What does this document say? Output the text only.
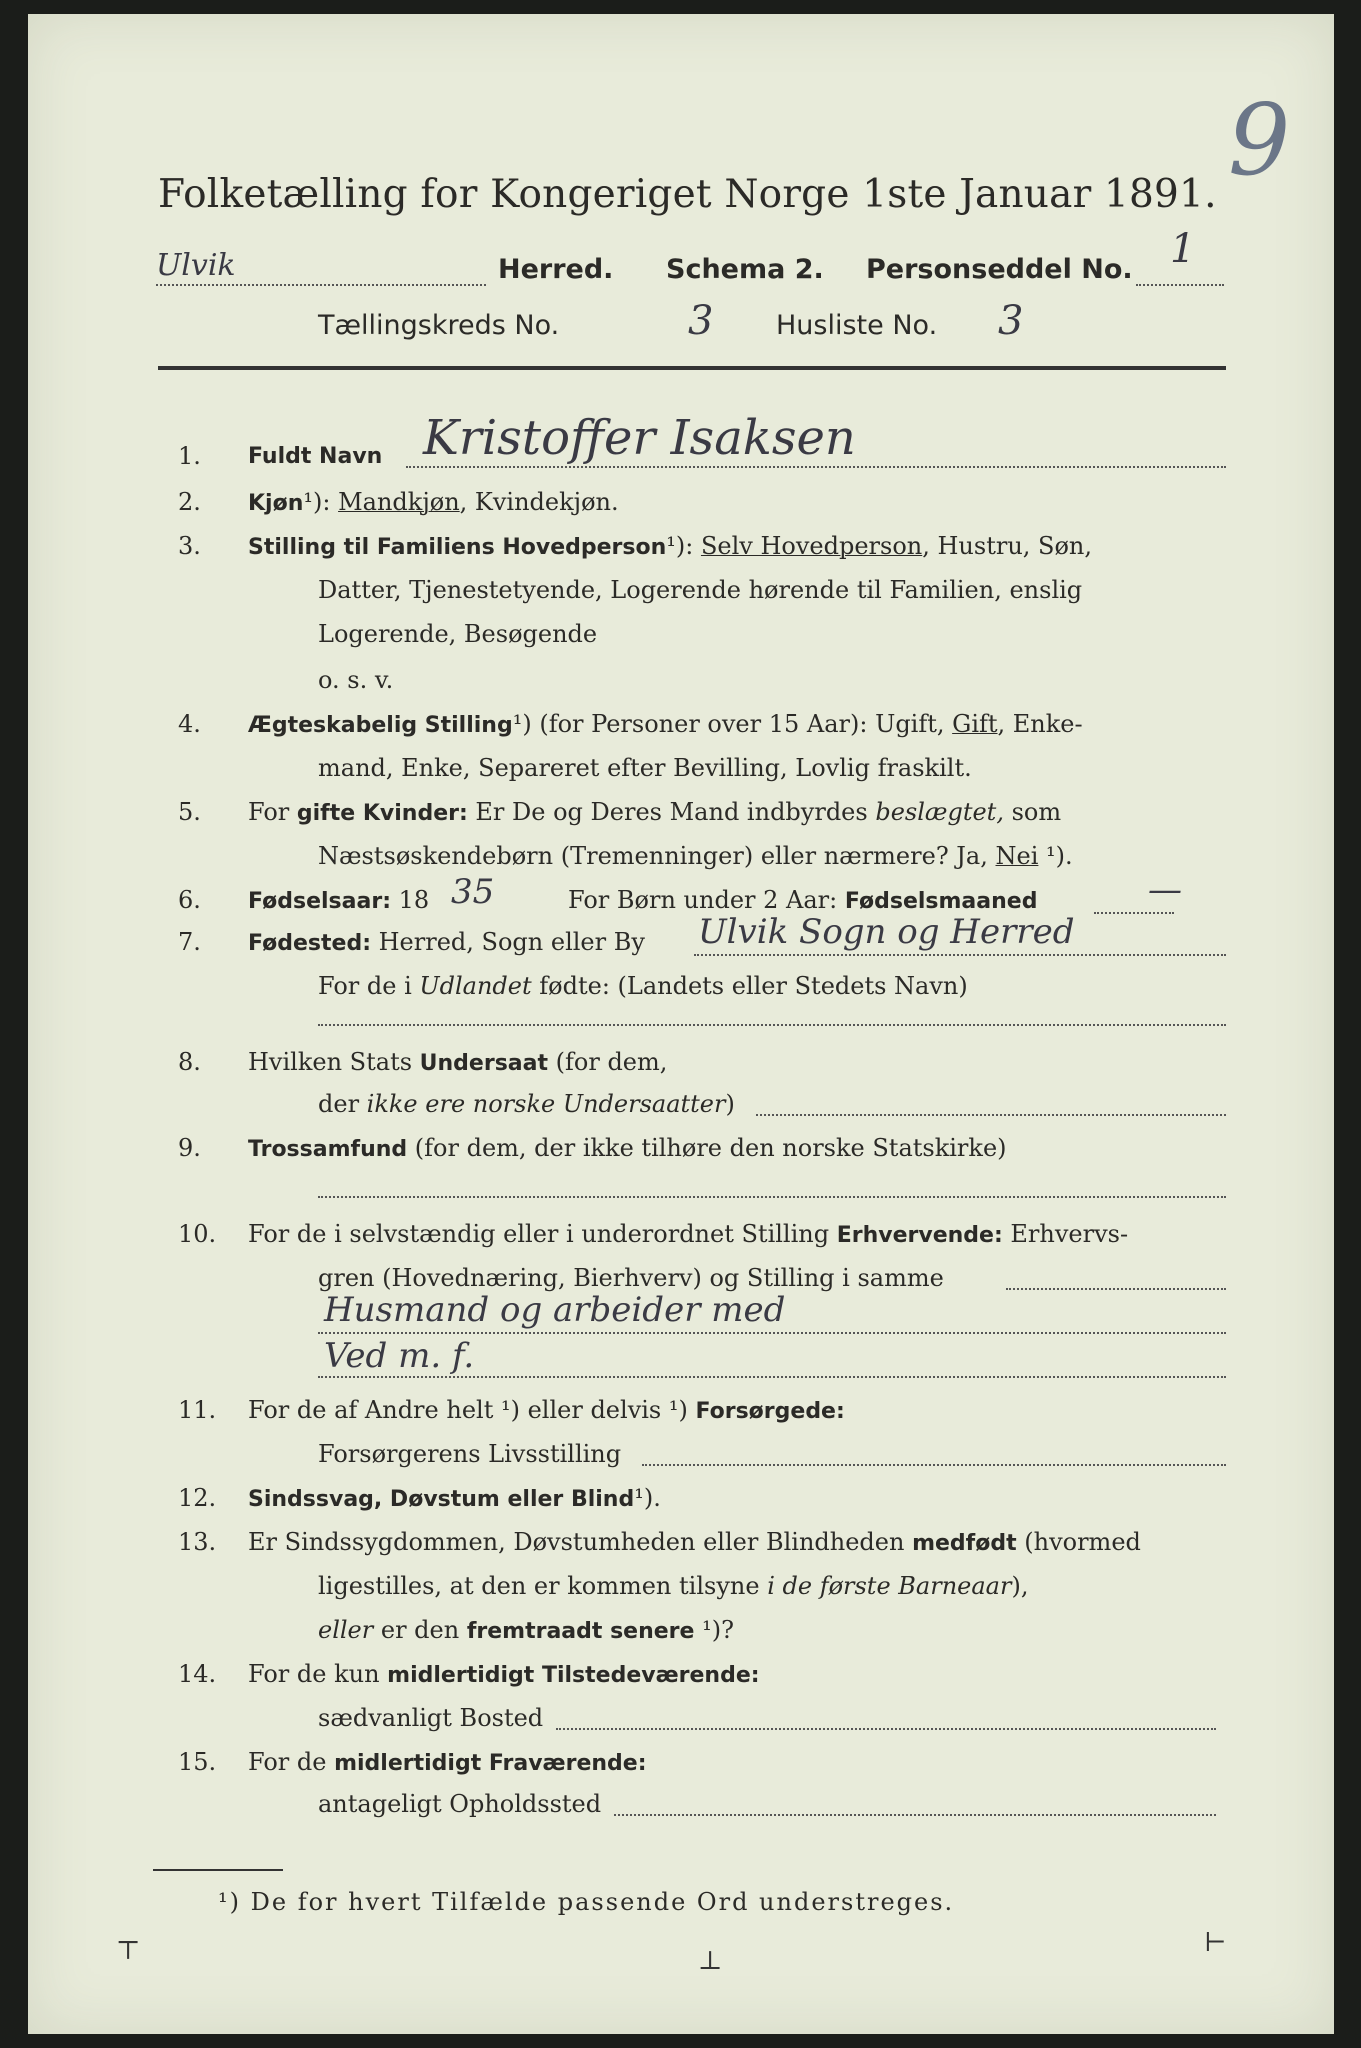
9
Folketælling for Kongeriget Norge 1ste Januar 1891.
Ulvik	Herred. Schema 2. Personseddel No. 1
Tællingskreds No.	3 Husliste No. 3
1. Fuldt Navn Kristoffer Isaksen
2. Kjøn¹): Mandkjøn, Kvindekjøn.
3. Stilling til Familiens Hovedperson¹): Selv Hovedperson, Hustru, Søn,
Datter, Tjenestetyende, Logerende hørende til Familien, enslig
Logerende, Besøgende
o. s. v.
4. Ægteskabelig Stilling¹) (for Personer over 15 Aar): Ugift, Gift, Enke-
mand, Enke, Separeret efter Bevilling, Lovlig fraskilt.
5. For gifte Kvinder: Er De og Deres Mand indbyrdes beslægtet, som
Næstsøskendebørn (Tremenninger) eller nærmere? Ja, Nei ¹).
6. Fødselsaar: 18 35	For Børn under 2 Aar: Fødselsmaaned	—
7. Fødested: Herred, Sogn eller By Ulvik Sogn og Herred
For de i Udlandet fødte: (Landets eller Stedets Navn)
8. Hvilken Stats Undersaat (for dem,
der ikke ere norske Undersaatter)
9. Trossamfund (for dem, der ikke tilhøre den norske Statskirke)
10. For de i selvstændig eller i underordnet Stilling Erhvervende: Erhvervs-
gren (Hovednæring, Bierhverv) og Stilling i samme
Husmand og arbeider med
Ved m. f.
11. For de af Andre helt ¹) eller delvis ¹) Forsørgede:
Forsørgerens Livsstilling
12. Sindssvag, Døvstum eller Blind¹).
13. Er Sindssygdommen, Døvstumheden eller Blindheden medfødt (hvormed
ligestilles, at den er kommen tilsyne i de første Barneaar),
eller er den fremtraadt senere ¹)?
14. For de kun midlertidigt Tilstedeværende:
sædvanligt Bosted
15. For de midlertidigt Fraværende:
antageligt Opholdssted
¹) De for hvert Tilfælde passende Ord understreges.
⊤	⊥
⊢
